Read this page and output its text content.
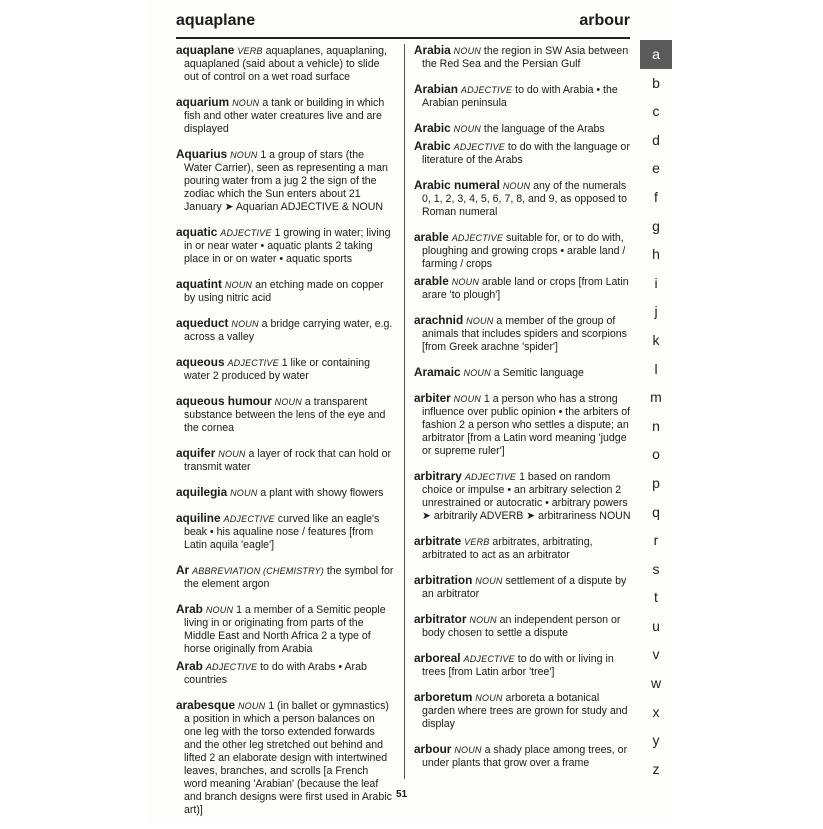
aquaplane	arbour
aquaplane VERB aquaplanes, aquaplaning, aquaplaned (said about a vehicle) to slide out of control on a wet road surface
aquarium NOUN a tank or building in which fish and other water creatures live and are displayed
Aquarius NOUN 1 a group of stars (the Water Carrier), seen as representing a man pouring water from a jug 2 the sign of the zodiac which the Sun enters about 21 January ➤ Aquarian ADJECTIVE & NOUN
aquatic ADJECTIVE 1 growing in water; living in or near water • aquatic plants 2 taking place in or on water • aquatic sports
aquatint NOUN an etching made on copper by using nitric acid
aqueduct NOUN a bridge carrying water, e.g. across a valley
aqueous ADJECTIVE 1 like or containing water 2 produced by water
aqueous humour NOUN a transparent substance between the lens of the eye and the cornea
aquifer NOUN a layer of rock that can hold or transmit water
aquilegia NOUN a plant with showy flowers
aquiline ADJECTIVE curved like an eagle's beak • his aqualine nose / features [from Latin aquila 'eagle']
Ar ABBREVIATION (CHEMISTRY) the symbol for the element argon
Arab NOUN 1 a member of a Semitic people living in or originating from parts of the Middle East and North Africa 2 a type of horse originally from Arabia
Arab ADJECTIVE to do with Arabs • Arab countries
arabesque NOUN 1 (in ballet or gymnastics) a position in which a person balances on one leg with the torso extended forwards and the other leg stretched out behind and lifted 2 an elaborate design with intertwined leaves, branches, and scrolls [a French word meaning 'Arabian' (because the leaf and branch designs were first used in Arabic art)]
Arabia NOUN the region in SW Asia between the Red Sea and the Persian Gulf
Arabian ADJECTIVE to do with Arabia • the Arabian peninsula
Arabic NOUN the language of the Arabs
Arabic ADJECTIVE to do with the language or literature of the Arabs
Arabic numeral NOUN any of the numerals 0, 1, 2, 3, 4, 5, 6, 7, 8, and 9, as opposed to Roman numeral
arable ADJECTIVE suitable for, or to do with, ploughing and growing crops • arable land / farming / crops
arable NOUN arable land or crops [from Latin arare 'to plough']
arachnid NOUN a member of the group of animals that includes spiders and scorpions [from Greek arachne 'spider']
Aramaic NOUN a Semitic language
arbiter NOUN 1 a person who has a strong influence over public opinion • the arbiters of fashion 2 a person who settles a dispute; an arbitrator [from a Latin word meaning 'judge or supreme ruler']
arbitrary ADJECTIVE 1 based on random choice or impulse • an arbitrary selection 2 unrestrained or autocratic • arbitrary powers ➤ arbitrarily ADVERB ➤ arbitrariness NOUN
arbitrate VERB arbitrates, arbitrating, arbitrated to act as an arbitrator
arbitration NOUN settlement of a dispute by an arbitrator
arbitrator NOUN an independent person or body chosen to settle a dispute
arboreal ADJECTIVE to do with or living in trees [from Latin arbor 'tree']
arboretum NOUN arboreta a botanical garden where trees are grown for study and display
arbour NOUN a shady place among trees, or under plants that grow over a frame
a
b
c
d
e
f
g
h
i
j
k
l
m
n
o
p
q
r
s
t
u
v
w
x
y
z
51
